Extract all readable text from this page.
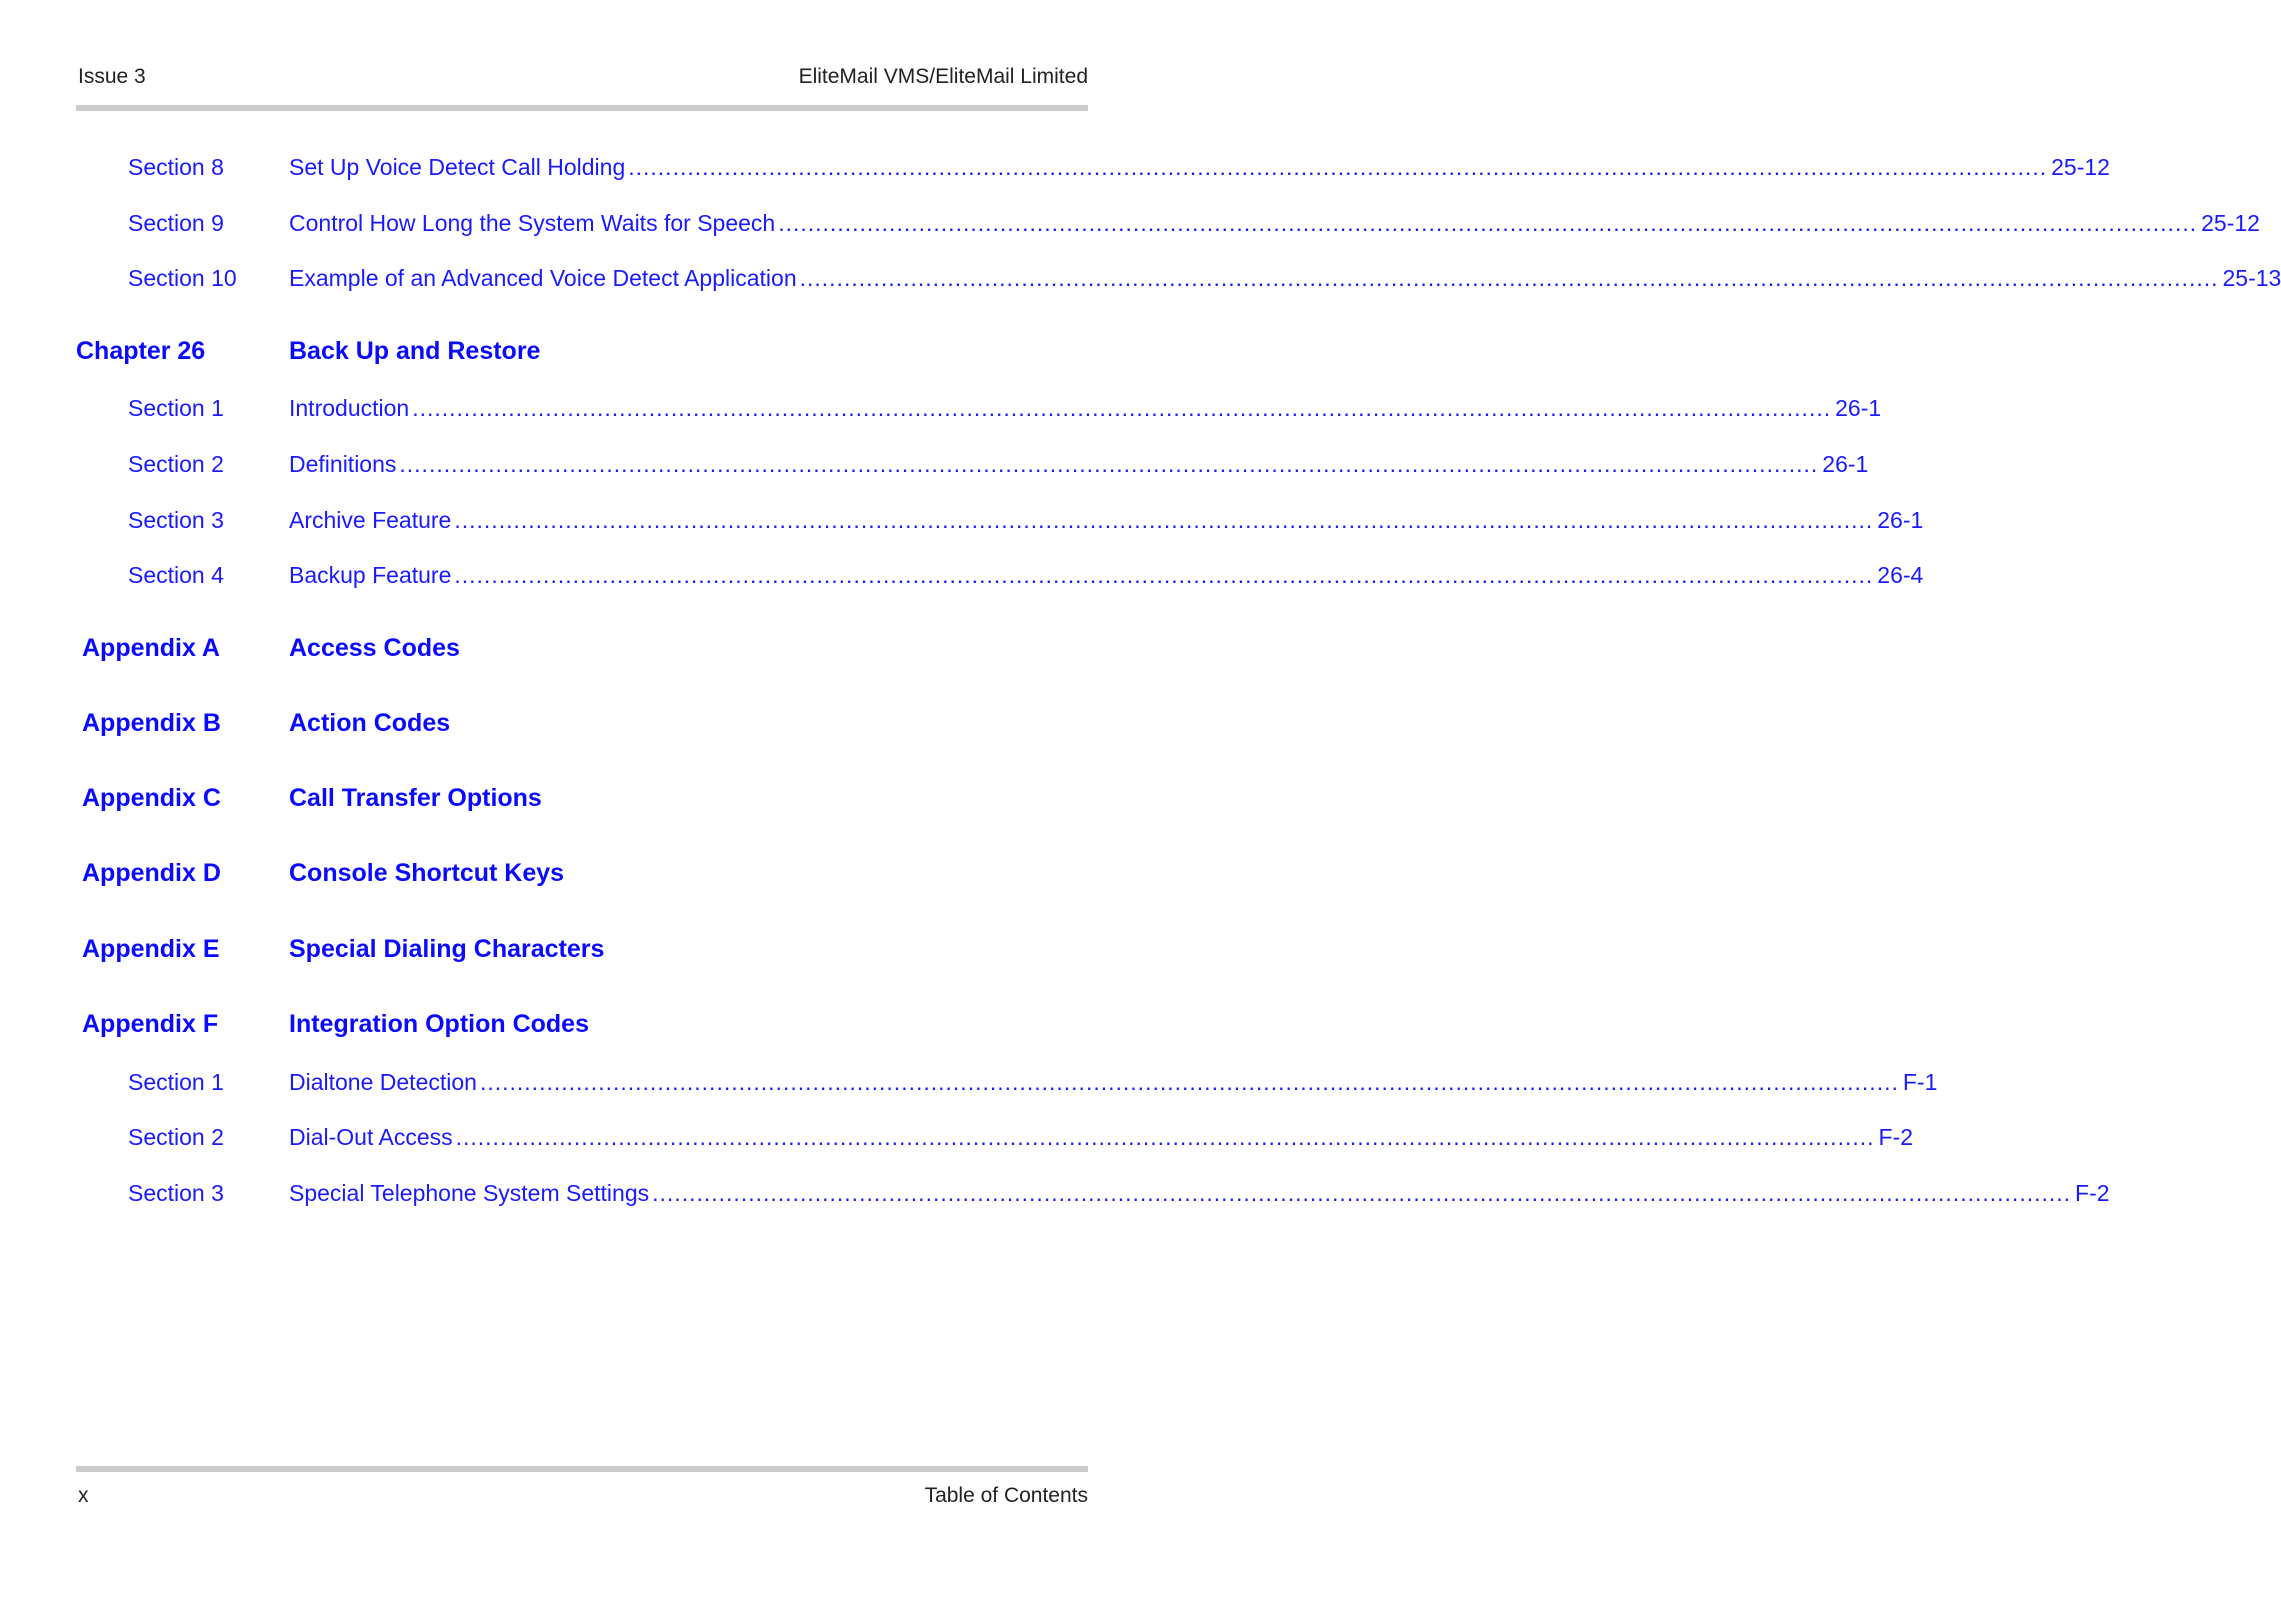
Issue 3	EliteMail VMS/EliteMail Limited
Section 8	Set Up Voice Detect Call Holding ................................................................................................................................................................................................ 25-12
Section 9	Control How Long the System Waits for Speech ................................................................................................................................................................................................ 25-12
Section 10 Example of an Advanced Voice Detect Application ................................................................................................................................................................................................ 25-13
Chapter 26	Back Up and Restore
Section 1	Introduction ................................................................................................................................................................................................ 26-1
Section 2	Definitions ................................................................................................................................................................................................ 26-1
Section 3	Archive Feature ................................................................................................................................................................................................ 26-1
Section 4	Backup Feature ................................................................................................................................................................................................ 26-4
Appendix A	Access Codes
Appendix B	Action Codes
Appendix C	Call Transfer Options
Appendix D	Console Shortcut Keys
Appendix E	Special Dialing Characters
Appendix F	Integration Option Codes
Section 1	Dialtone Detection ................................................................................................................................................................................................ F-1
Section 2	Dial-Out Access ................................................................................................................................................................................................ F-2
Section 3	Special Telephone System Settings ................................................................................................................................................................................................ F-2
x	Table of Contents
